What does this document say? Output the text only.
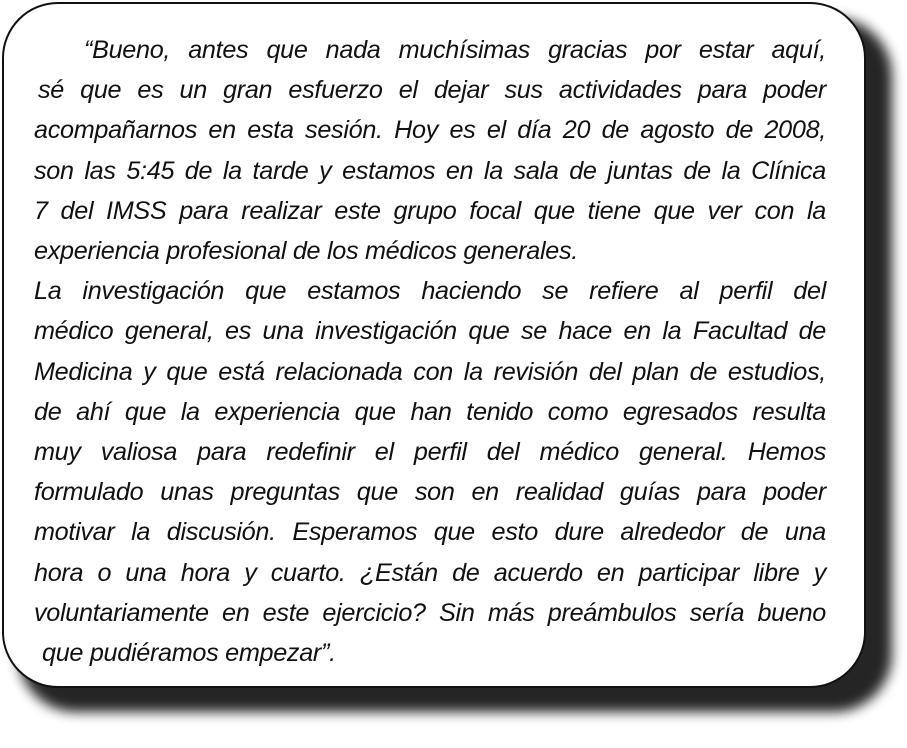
“Bueno, antes que nada muchísimas gracias por estar aquí,
sé que es un gran esfuerzo el dejar sus actividades para poder
acompañarnos en esta sesión. Hoy es el día 20 de agosto de 2008,
son las 5:45 de la tarde y estamos en la sala de juntas de la Clínica
7 del IMSS para realizar este grupo focal que tiene que ver con la
experiencia profesional de los médicos generales.
La investigación que estamos haciendo se refiere al perfil del
médico general, es una investigación que se hace en la Facultad de
Medicina y que está relacionada con la revisión del plan de estudios,
de ahí que la experiencia que han tenido como egresados resulta
muy valiosa para redefinir el perfil del médico general. Hemos
formulado unas preguntas que son en realidad guías para poder
motivar la discusión. Esperamos que esto dure alrededor de una
hora o una hora y cuarto. ¿Están de acuerdo en participar libre y
voluntariamente en este ejercicio? Sin más preámbulos sería bueno
que pudiéramos empezar”.
